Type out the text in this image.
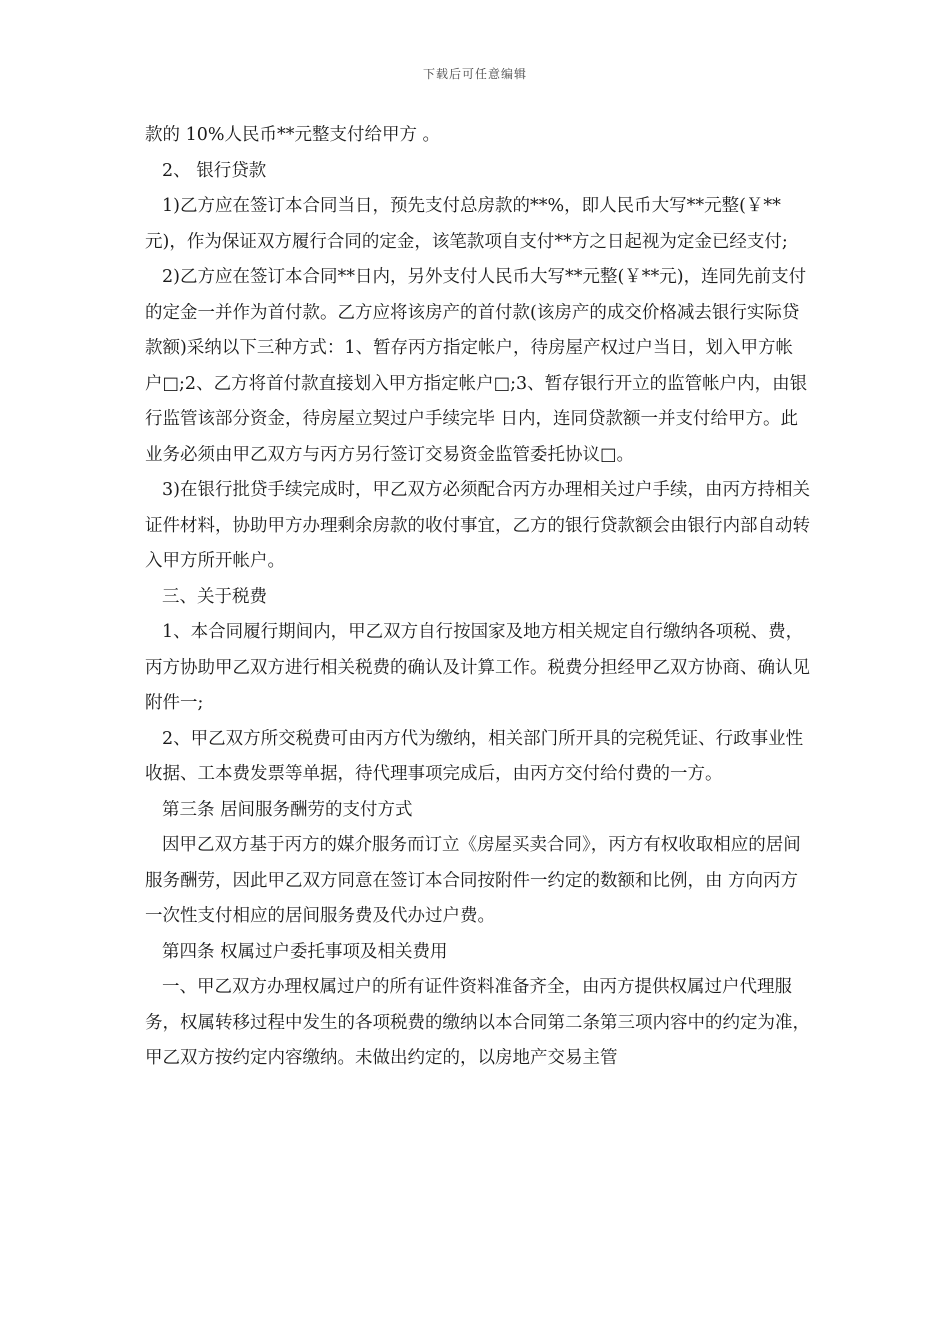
下载后可任意编辑

款的 10%人民币**元整支付给甲方 。

2、 银行贷款

1)乙方应在签订本合同当日，预先支付总房款的**%，即人民币大写**元整(￥**元)，作为保证双方履行合同的定金，该笔款项自支付**方之日起视为定金已经支付;

2)乙方应在签订本合同**日内，另外支付人民币大写**元整(￥**元)，连同先前支付的定金一并作为首付款。乙方应将该房产的首付款(该房产的成交价格减去银行实际贷款额)采纳以下三种方式：1、暂存丙方指定帐户，待房屋产权过户当日，划入甲方帐户□;2、乙方将首付款直接划入甲方指定帐户□;3、暂存银行开立的监管帐户内，由银行监管该部分资金，待房屋立契过户手续完毕 日内，连同贷款额一并支付给甲方。此业务必须由甲乙双方与丙方另行签订交易资金监管委托协议□。

3)在银行批贷手续完成时，甲乙双方必须配合丙方办理相关过户手续，由丙方持相关证件材料，协助甲方办理剩余房款的收付事宜，乙方的银行贷款额会由银行内部自动转入甲方所开帐户。

三、关于税费

1、本合同履行期间内，甲乙双方自行按国家及地方相关规定自行缴纳各项税、费，丙方协助甲乙双方进行相关税费的确认及计算工作。税费分担经甲乙双方协商、确认见附件一;

2、甲乙双方所交税费可由丙方代为缴纳，相关部门所开具的完税凭证、行政事业性收据、工本费发票等单据，待代理事项完成后，由丙方交付给付费的一方。

第三条 居间服务酬劳的支付方式

因甲乙双方基于丙方的媒介服务而订立《房屋买卖合同》，丙方有权收取相应的居间服务酬劳，因此甲乙双方同意在签订本合同按附件一约定的数额和比例，由 方向丙方一次性支付相应的居间服务费及代办过户费。

第四条 权属过户委托事项及相关费用

一、甲乙双方办理权属过户的所有证件资料准备齐全，由丙方提供权属过户代理服务，权属转移过程中发生的各项税费的缴纳以本合同第二条第三项内容中的约定为准，甲乙双方按约定内容缴纳。未做出约定的，以房地产交易主管
